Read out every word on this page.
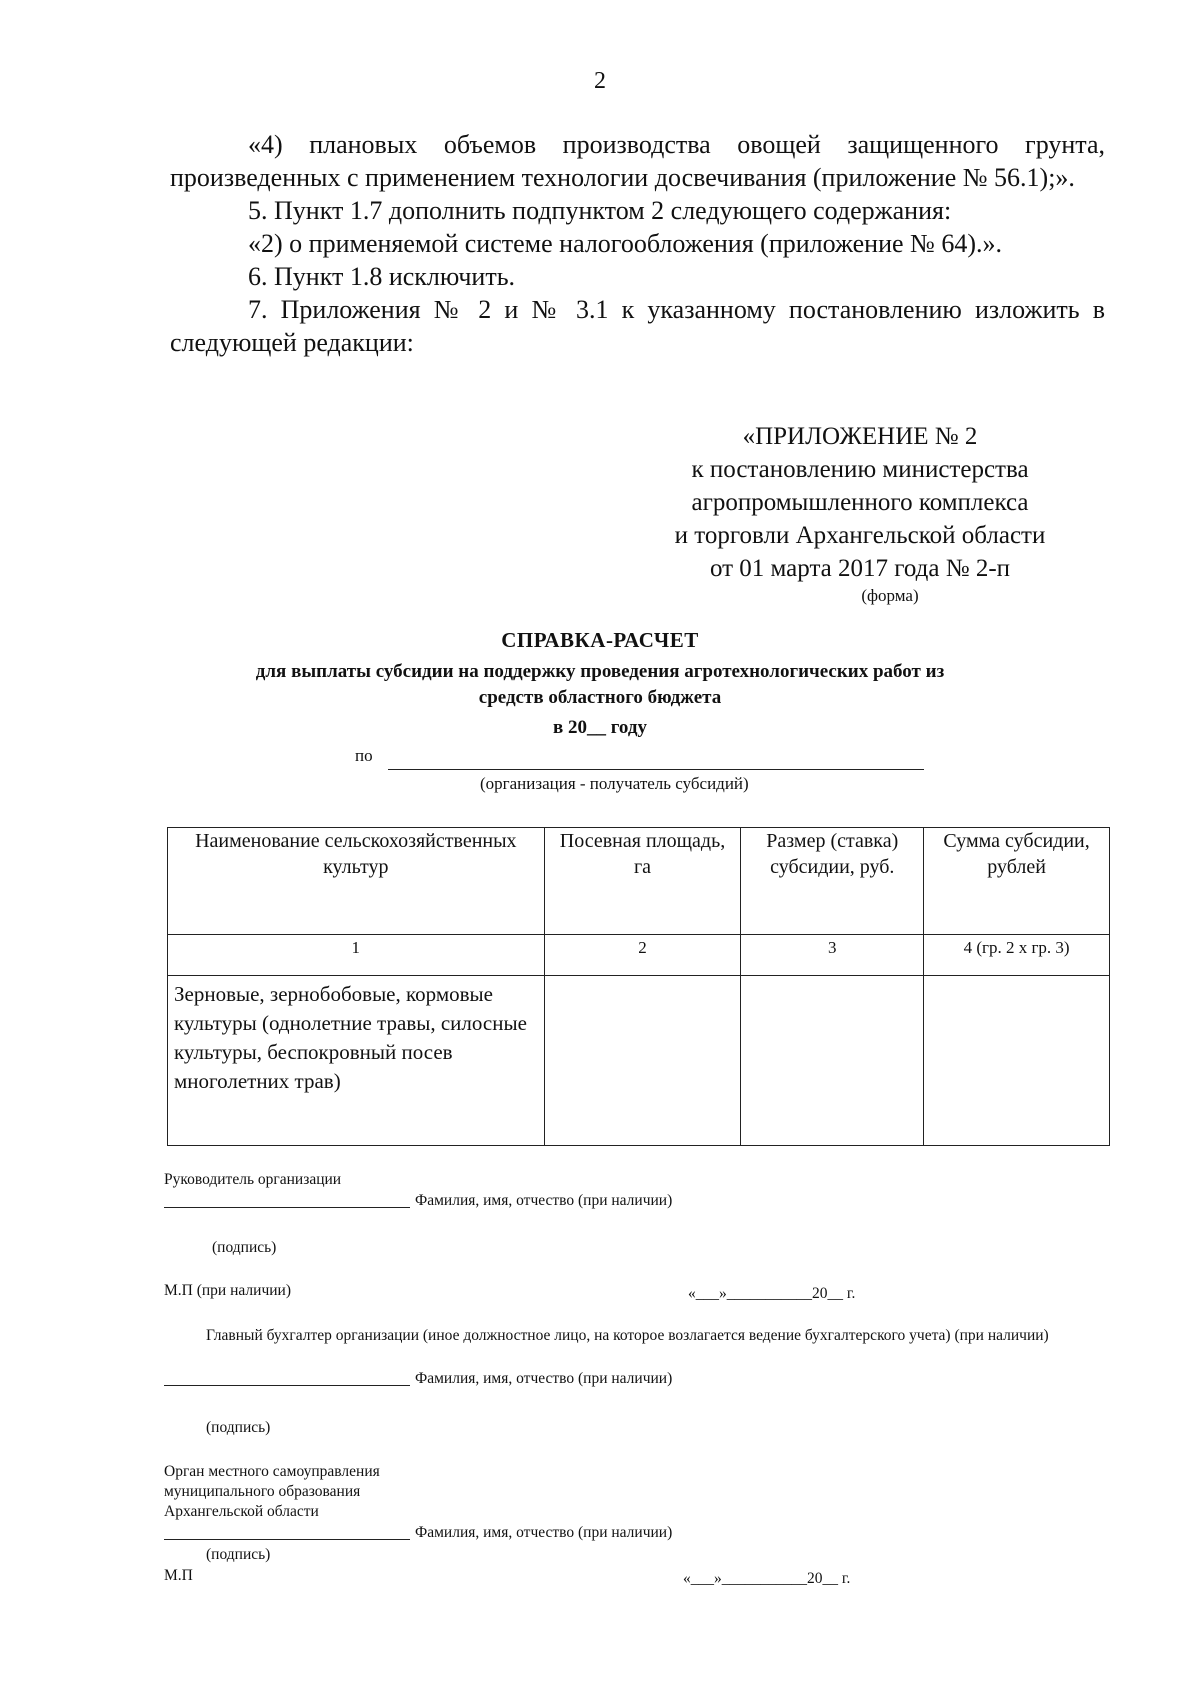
2

«4) плановых объемов производства овощей защищенного грунта, произведенных с применением технологии досвечивания (приложение № 56.1);».

5. Пункт 1.7 дополнить подпунктом 2 следующего содержания:

«2) о применяемой системе налогообложения (приложение № 64).».

6. Пункт 1.8 исключить.

7. Приложения № 2 и № 3.1 к указанному постановлению изложить в следующей редакции:

«ПРИЛОЖЕНИЕ № 2
к постановлению министерства
агропромышленного комплекса
и торговли Архангельской области
от 01 марта 2017 года № 2-п
(форма)
СПРАВКА-РАСЧЕТ
для выплаты субсидии на поддержку проведения агротехнологических работ из
средств областного бюджета
в 20__ году
по
(организация - получатель субсидий)
Наименование сельскохозяйственных культур	Посевная площадь, га	Размер (ставка) субсидии, руб.	Сумма субсидии, рублей
1	2	3	4 (гр. 2 х гр. 3)
Зерновые, зернобобовые, кормовые культуры (однолетние травы, силосные культуры, беспокровный посев многолетних трав)			
Руководитель организации
Фамилия, имя, отчество (при наличии)
(подпись)
М.П (при наличии)	«___»___________20__ г.
Главный бухгалтер организации (иное должностное лицо, на которое возлагается ведение бухгалтерского учета) (при наличии)
Фамилия, имя, отчество (при наличии)
(подпись)
Орган местного самоуправления
муниципального образования
Архангельской области
Фамилия, имя, отчество (при наличии)
(подпись)
М.П	«___»___________20__ г.
